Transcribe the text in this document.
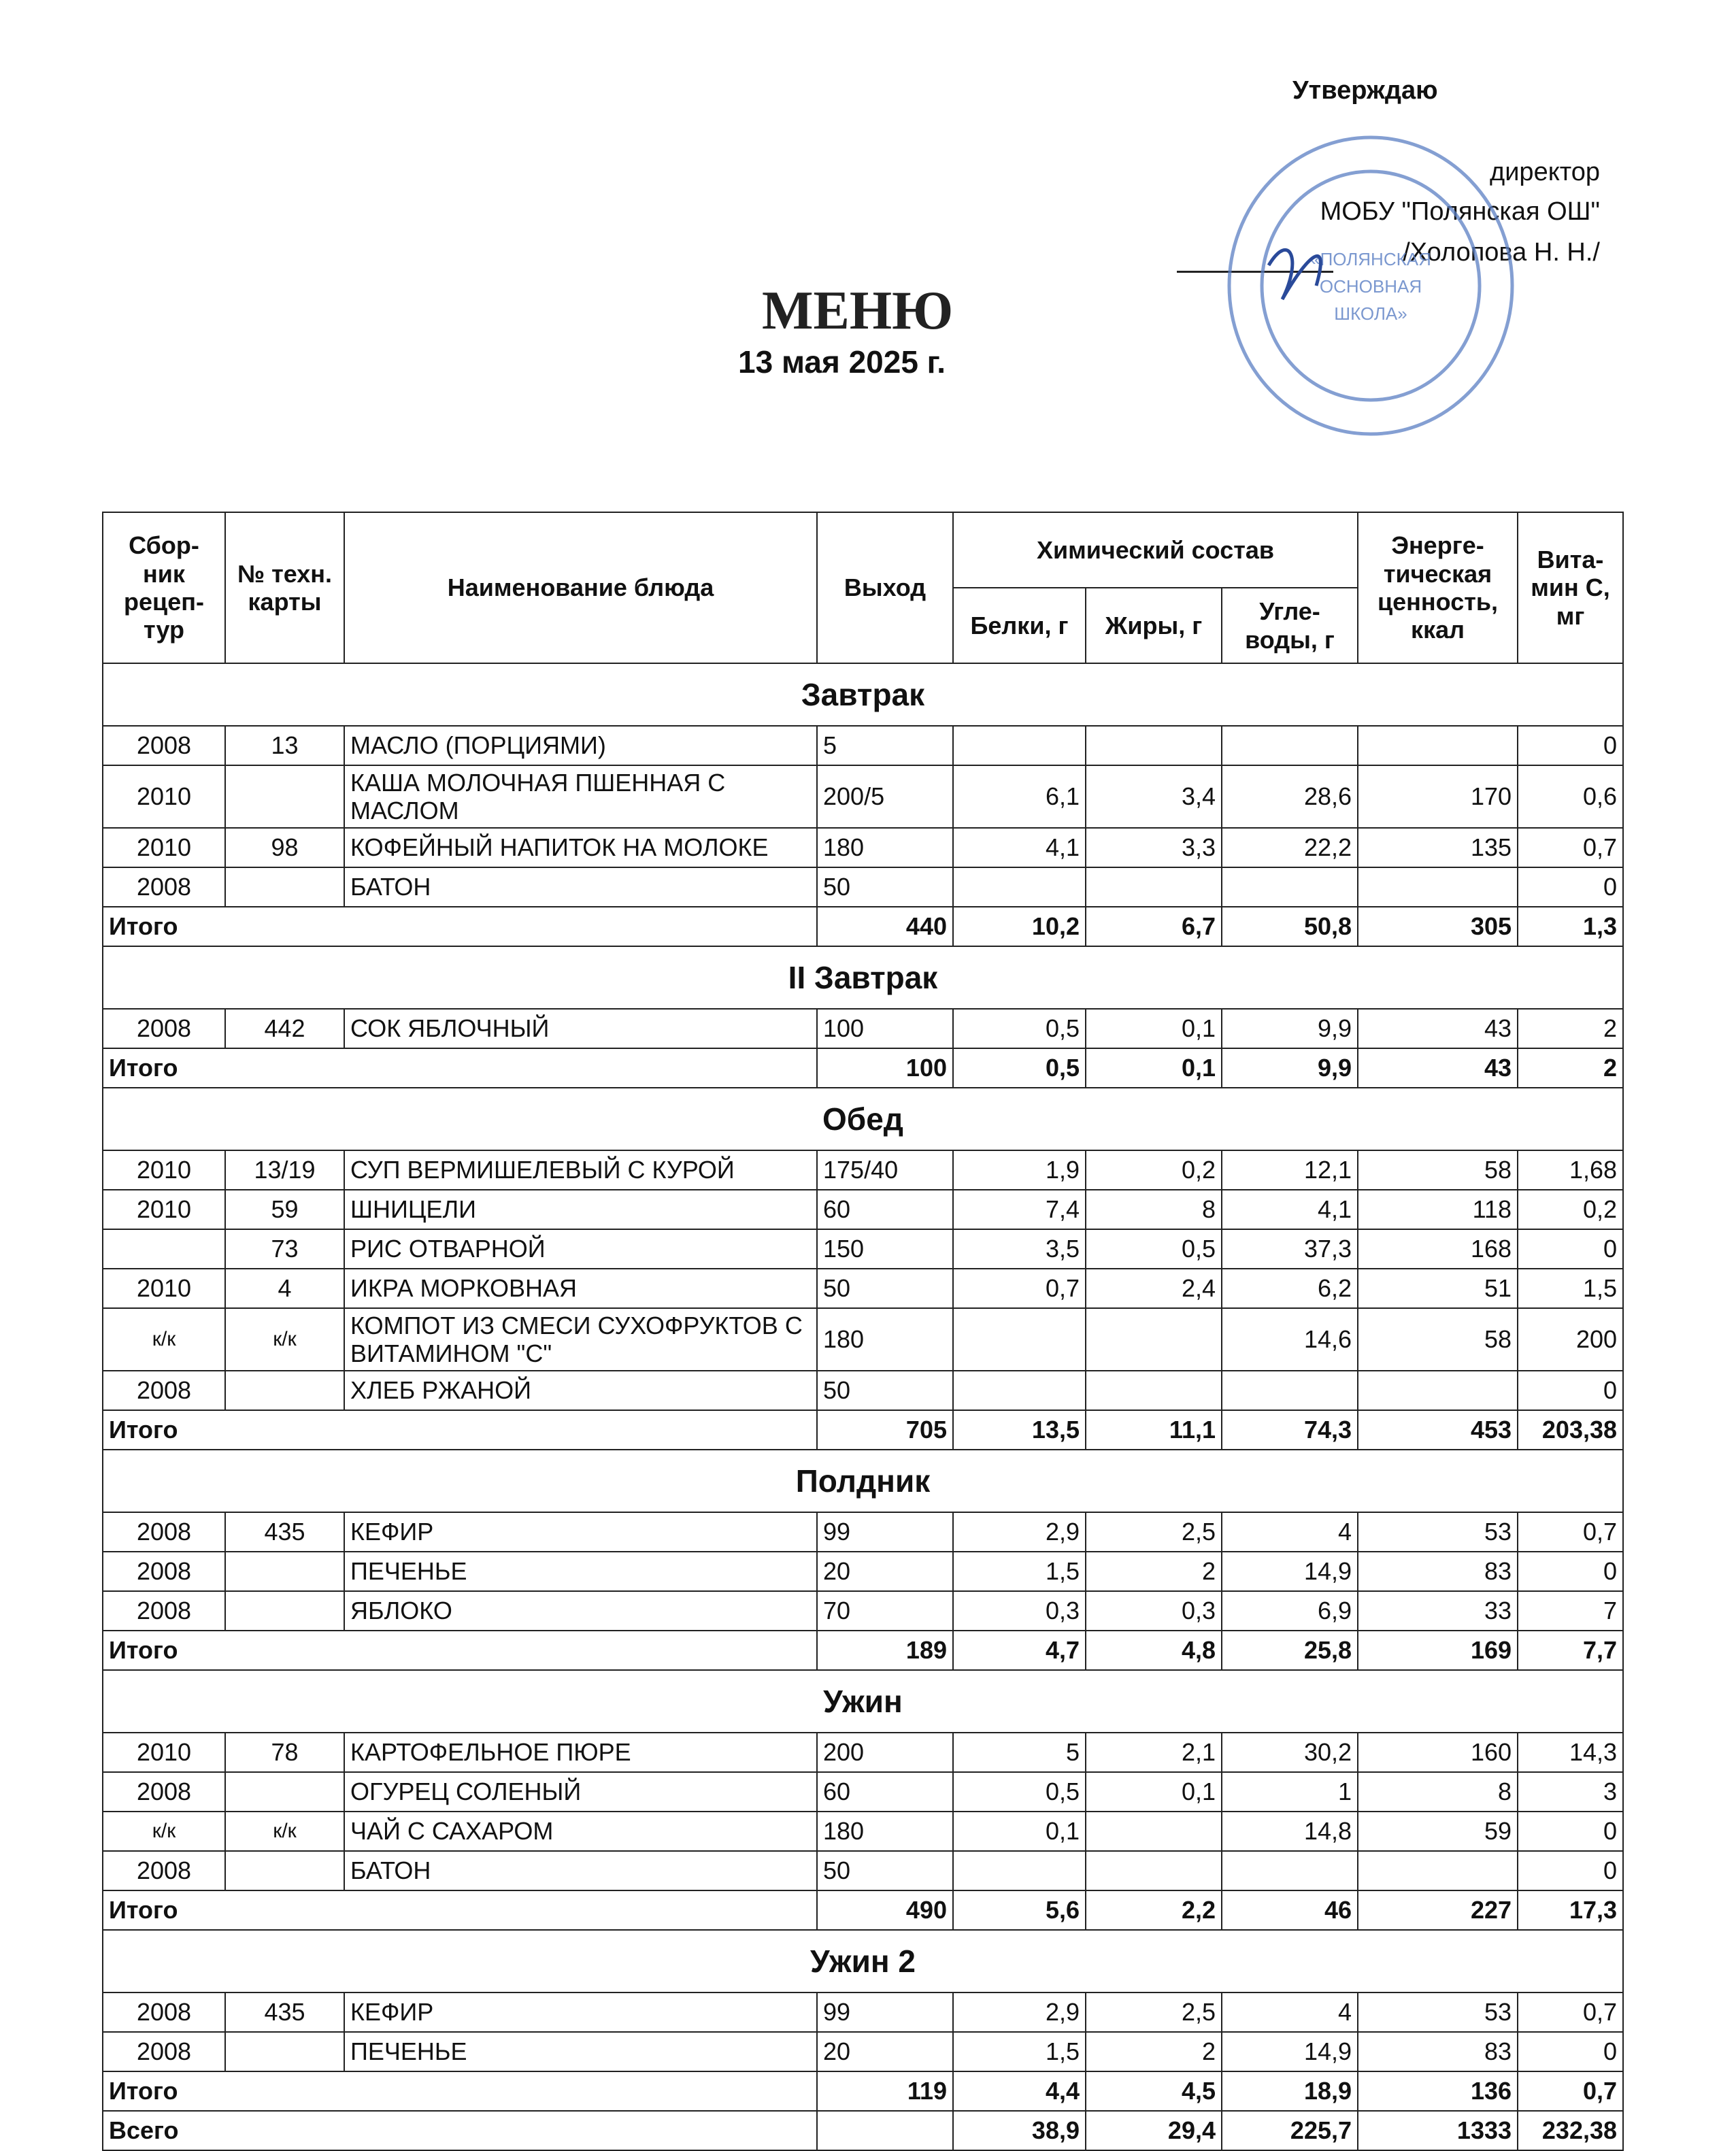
Утверждаю
директор
МОБУ "Полянская ОШ"
/Холопова Н. Н./
«ПОЛЯНСКАЯ
ОСНОВНАЯ
ШКОЛА»
МЕНЮ
13 мая 2025 г.
Сбор-ник рецеп-тур	№ техн. карты	Наименование блюда	Выход	Химический состав			Энерге-тическая ценность, ккал	Вита-мин С, мг
				Белки, г	Жиры, г	Угле-воды, г		
Завтрак								
2008	13	МАСЛО (ПОРЦИЯМИ)	5					0
2010		КАША МОЛОЧНАЯ ПШЕННАЯ С МАСЛОМ	200/5	6,1	3,4	28,6	170	0,6
2010	98	КОФЕЙНЫЙ НАПИТОК НА МОЛОКЕ	180	4,1	3,3	22,2	135	0,7
2008		БАТОН	50					0
Итого			440	10,2	6,7	50,8	305	1,3
II Завтрак								
2008	442	СОК ЯБЛОЧНЫЙ	100	0,5	0,1	9,9	43	2
Итого			100	0,5	0,1	9,9	43	2
Обед								
2010	13/19	СУП ВЕРМИШЕЛЕВЫЙ С КУРОЙ	175/40	1,9	0,2	12,1	58	1,68
2010	59	ШНИЦЕЛИ	60	7,4	8	4,1	118	0,2
	73	РИС ОТВАРНОЙ	150	3,5	0,5	37,3	168	0
2010	4	ИКРА МОРКОВНАЯ	50	0,7	2,4	6,2	51	1,5
к/к	к/к	КОМПОТ ИЗ СМЕСИ СУХОФРУКТОВ С ВИТАМИНОМ "С"	180			14,6	58	200
2008		ХЛЕБ РЖАНОЙ	50					0
Итого			705	13,5	11,1	74,3	453	203,38
Полдник								
2008	435	КЕФИР	99	2,9	2,5	4	53	0,7
2008		ПЕЧЕНЬЕ	20	1,5	2	14,9	83	0
2008		ЯБЛОКО	70	0,3	0,3	6,9	33	7
Итого			189	4,7	4,8	25,8	169	7,7
Ужин								
2010	78	КАРТОФЕЛЬНОЕ ПЮРЕ	200	5	2,1	30,2	160	14,3
2008		ОГУРЕЦ СОЛЕНЫЙ	60	0,5	0,1	1	8	3
к/к	к/к	ЧАЙ С САХАРОМ	180	0,1		14,8	59	0
2008		БАТОН	50					0
Итого			490	5,6	2,2	46	227	17,3
Ужин 2								
2008	435	КЕФИР	99	2,9	2,5	4	53	0,7
2008		ПЕЧЕНЬЕ	20	1,5	2	14,9	83	0
Итого			119	4,4	4,5	18,9	136	0,7
Всего				38,9	29,4	225,7	1333	232,38
